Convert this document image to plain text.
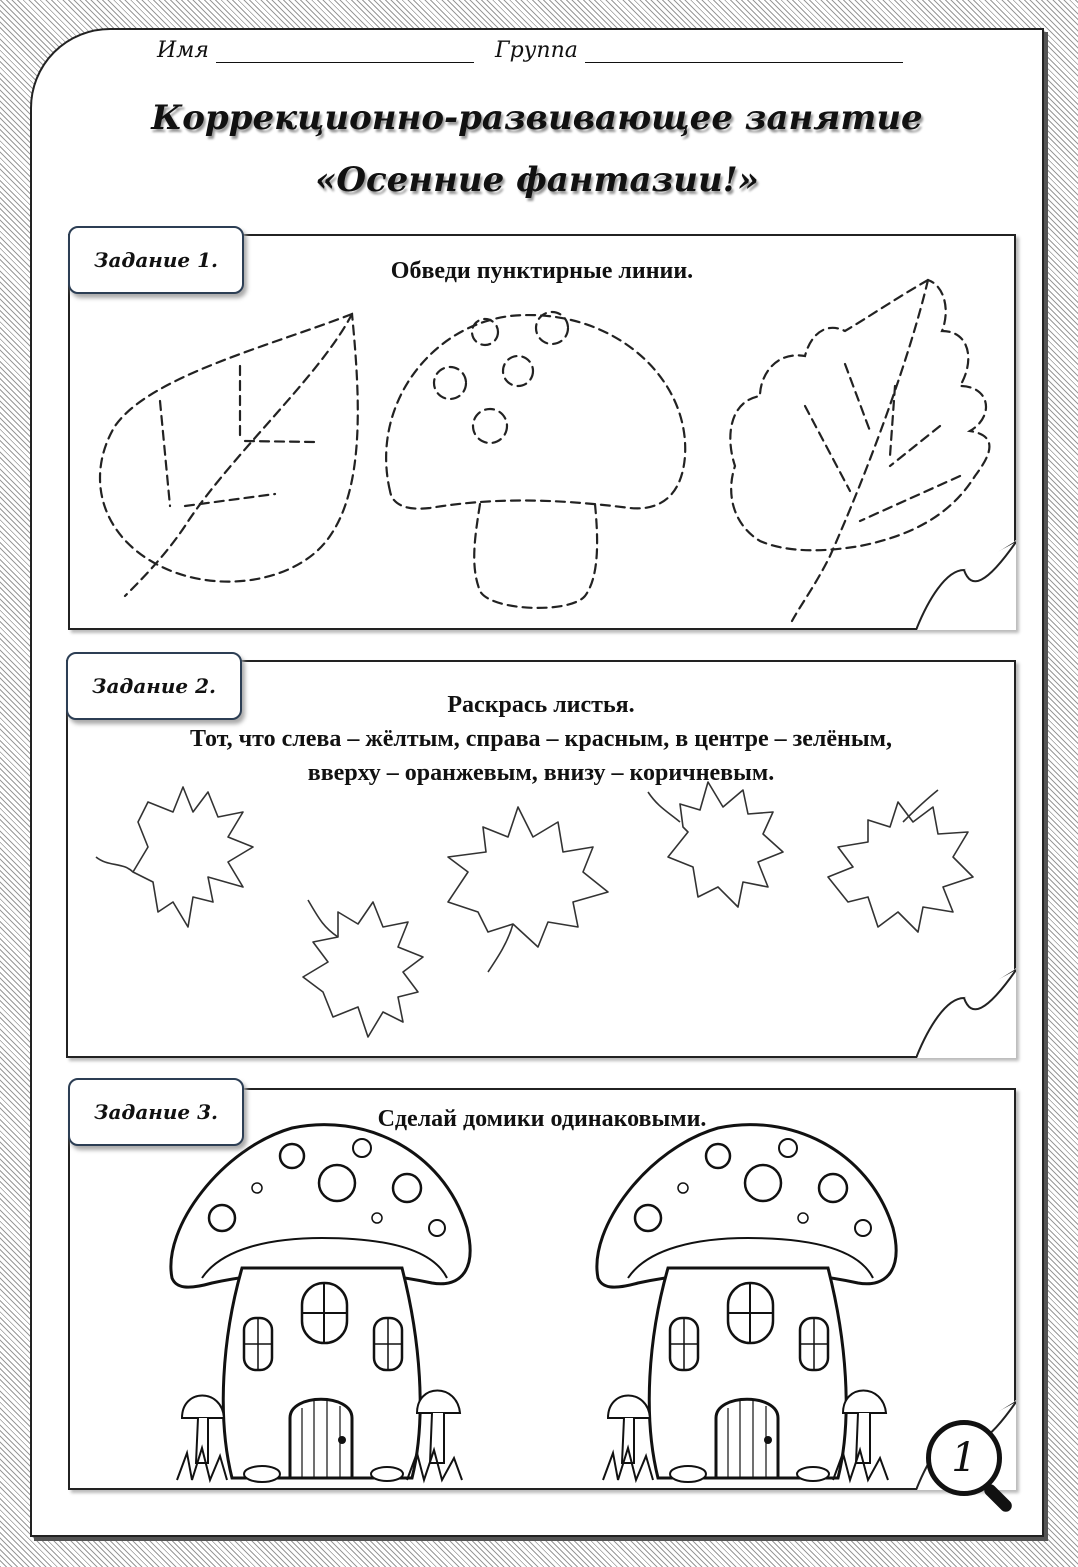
Имя	Группа
Коррекционно-развивающее занятие
«Осенние фантазии!»
Обведи пунктирные линии.
Задание 1.
Раскрась листья.
Тот, что слева – жёлтым, справа – красным, в центре – зелёным,
вверху – оранжевым, внизу – коричневым.
Задание 2.
Сделай домики одинаковыми.
Задание 3.
1
